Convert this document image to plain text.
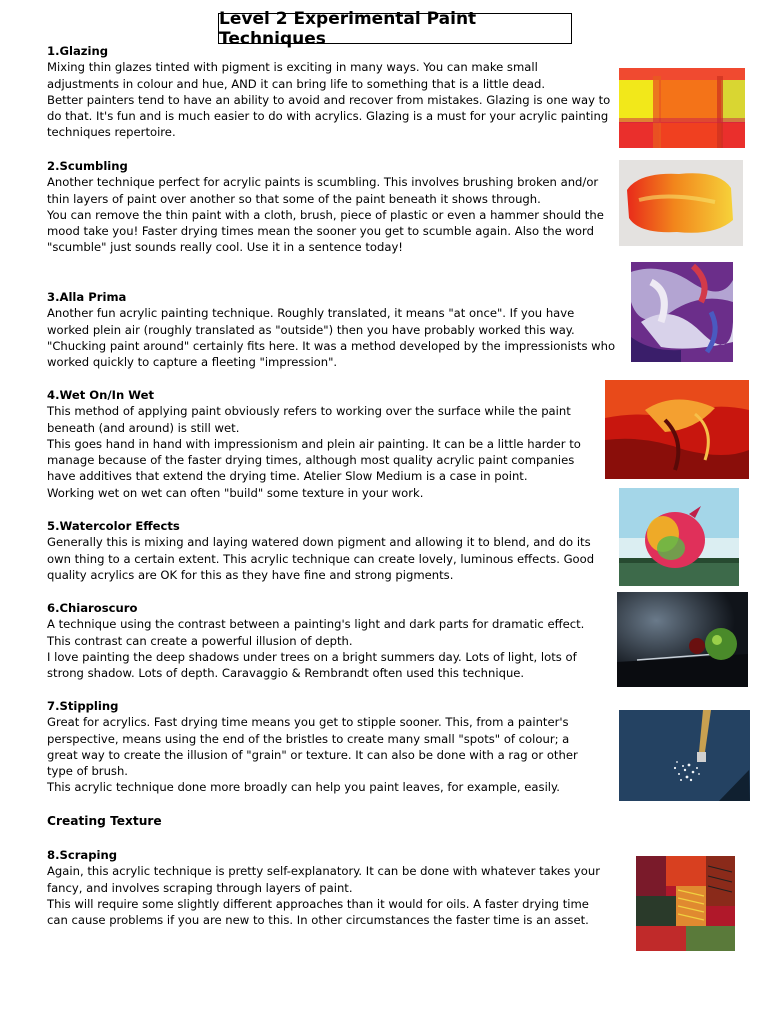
Level 2 Experimental Paint Techniques
1.Glazing

Mixing thin glazes tinted with pigment is exciting in many ways. You can make small adjustments in colour and hue, AND it can bring life to something that is a little dead.

Better painters tend to have an ability to avoid and recover from mistakes. Glazing is one way to do that. It's fun and is much easier to do with acrylics. Glazing is a must for your acrylic painting techniques repertoire.

2.Scumbling

Another technique perfect for acrylic paints is scumbling. This involves brushing broken and/or thin layers of paint over another so that some of the paint beneath it shows through.

You can remove the thin paint with a cloth, brush, piece of plastic or even a hammer should the mood take you! Faster drying times mean the sooner you get to scumble again. Also the word "scumble" just sounds really cool. Use it in a sentence today!

3.Alla Prima

Another fun acrylic painting technique. Roughly translated, it means "at once". If you have worked plein air (roughly translated as "outside") then you have probably worked this way.

"Chucking paint around" certainly fits here. It was a method developed by the impressionists who worked quickly to capture a fleeting "impression".

4.Wet On/In Wet

This method of applying paint obviously refers to working over the surface while the paint beneath (and around) is still wet.

This goes hand in hand with impressionism and plein air painting. It can be a little harder to manage because of the faster drying times, although most quality acrylic paint companies have additives that extend the drying time. Atelier Slow Medium is a case in point.

Working wet on wet can often "build" some texture in your work.

5.Watercolor Effects

Generally this is mixing and laying watered down pigment and allowing it to blend, and do its own thing to a certain extent. This acrylic technique can create lovely, luminous effects. Good quality acrylics are OK for this as they have fine and strong pigments.

6.Chiaroscuro

A technique using the contrast between a painting's light and dark parts for dramatic effect. This contrast can create a powerful illusion of depth.

I love painting the deep shadows under trees on a bright summers day. Lots of light, lots of strong shadow. Lots of depth. Caravaggio & Rembrandt often used this technique.

7.Stippling

Great for acrylics. Fast drying time means you get to stipple sooner. This, from a painter's perspective, means using the end of the bristles to create many small "spots" of colour; a great way to create the illusion of "grain" or texture. It can also be done with a rag or other type of brush.

This acrylic technique done more broadly can help you paint leaves, for example, easily.

Creating Texture
8.Scraping

Again, this acrylic technique is pretty self-explanatory. It can be done with whatever takes your fancy, and involves scraping through layers of paint.

This will require some slightly different approaches than it would for oils. A faster drying time can cause problems if you are new to this. In other circumstances the faster time is an asset.
